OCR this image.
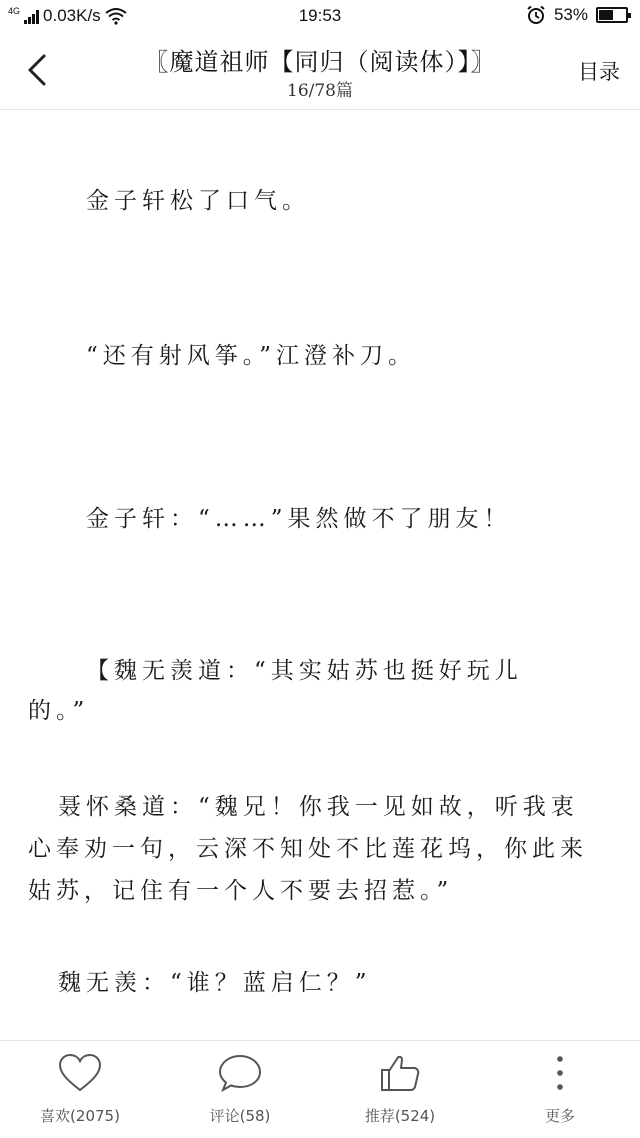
4G 0.03K/s	19:53	53%
〖魔道祖师【同归（阅读体）】〗
16/78篇
目录
金子轩松了口气。
“还有射风筝。”江澄补刀。
金子轩：“……”果然做不了朋友！
【魏无羡道：“其实姑苏也挺好玩儿
的。”
聂怀桑道：“魏兄！你我一见如故，听我衷
心奉劝一句，云深不知处不比莲花坞，你此来
姑苏，记住有一个人不要去招惹。”
魏无羡：“谁？蓝启仁？”
喜欢(2075)	评论(58)	推荐(524)	更多
